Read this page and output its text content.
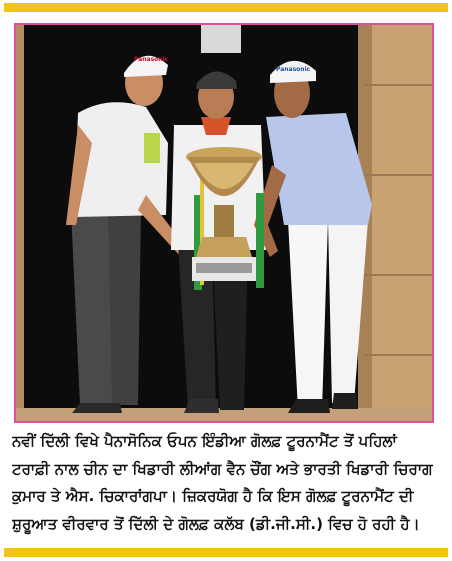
Panasonic
Panasonic
ਨਵੀਂ ਦਿੱਲੀ ਵਿਖੇ ਪੈਨਾਸੋਨਿਕ ਓਪਨ ਇੰਡੀਆ ਗੋਲਫ਼ ਟੂਰਨਾਮੈਂਟ ਤੋਂ ਪਹਿਲਾਂ
ਟਰਾਫ਼ੀ ਨਾਲ ਚੀਨ ਦਾ ਖਿਡਾਰੀ ਲੀਆਂਗ ਵੈਨ ਚੌਂਗ ਅਤੇ ਭਾਰਤੀ ਖਿਡਾਰੀ ਚਿਰਾਗ
ਕੁਮਾਰ ਤੇ ਐਸ. ਚਿਕਾਰਾਂਗਪਾ। ਜ਼ਿਕਰਯੋਗ ਹੈ ਕਿ ਇਸ ਗੋਲਫ਼ ਟੂਰਨਾਮੈਂਟ ਦੀ
ਸ਼ੁਰੂਆਤ ਵੀਰਵਾਰ ਤੋਂ ਦਿੱਲੀ ਦੇ ਗੋਲਫ਼ ਕਲੱਬ (ਡੀ.ਜੀ.ਸੀ.) ਵਿਚ ਹੋ ਰਹੀ ਹੈ।
